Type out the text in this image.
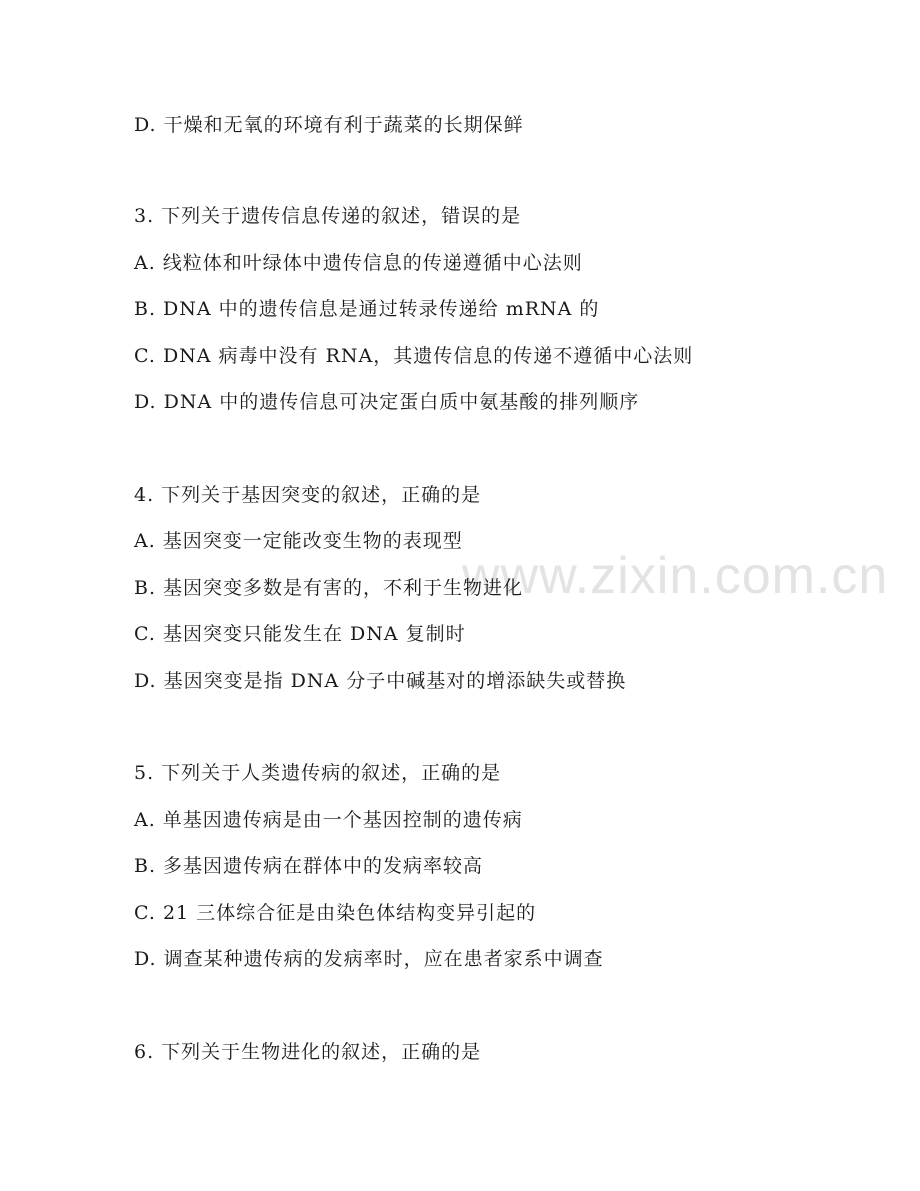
www.zixin.com.cn
D. 干燥和无氧的环境有利于蔬菜的长期保鲜
3. 下列关于遗传信息传递的叙述，错误的是
A. 线粒体和叶绿体中遗传信息的传递遵循中心法则
B. DNA 中的遗传信息是通过转录传递给 mRNA 的
C. DNA 病毒中没有 RNA，其遗传信息的传递不遵循中心法则
D. DNA 中的遗传信息可决定蛋白质中氨基酸的排列顺序
4. 下列关于基因突变的叙述，正确的是
A. 基因突变一定能改变生物的表现型
B. 基因突变多数是有害的，不利于生物进化
C. 基因突变只能发生在 DNA 复制时
D. 基因突变是指 DNA 分子中碱基对的增添缺失或替换
5. 下列关于人类遗传病的叙述，正确的是
A. 单基因遗传病是由一个基因控制的遗传病
B. 多基因遗传病在群体中的发病率较高
C. 21 三体综合征是由染色体结构变异引起的
D. 调查某种遗传病的发病率时，应在患者家系中调查
6. 下列关于生物进化的叙述，正确的是
